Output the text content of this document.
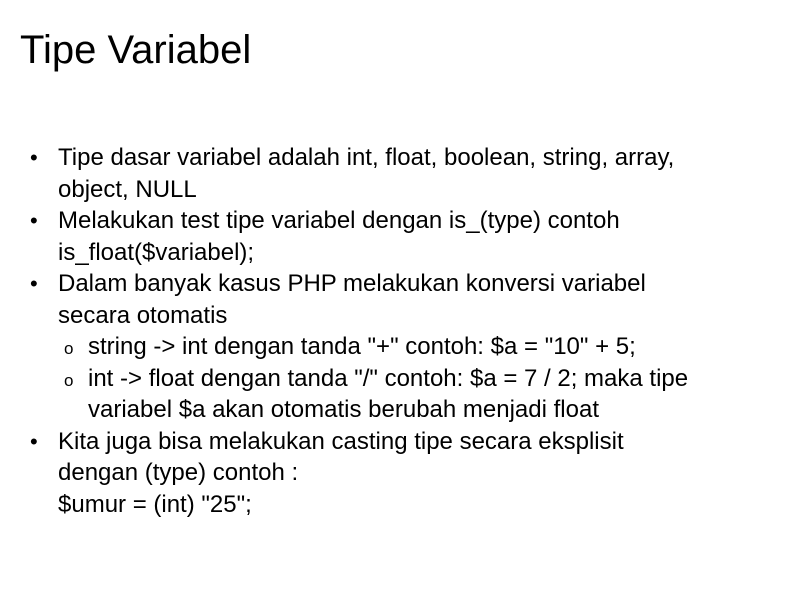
Tipe Variabel
• Tipe dasar variabel adalah int, float, boolean, string, array,
object, NULL
• Melakukan test tipe variabel dengan is_(type) contoh
is_float($variabel);
• Dalam banyak kasus PHP melakukan konversi variabel
secara otomatis
o string -> int dengan tanda "+" contoh: $a = "10" + 5;
o int -> float dengan tanda "/" contoh: $a = 7 / 2; maka tipe
variabel $a akan otomatis berubah menjadi float
• Kita juga bisa melakukan casting tipe secara eksplisit
dengan (type) contoh :
$umur = (int) "25";
